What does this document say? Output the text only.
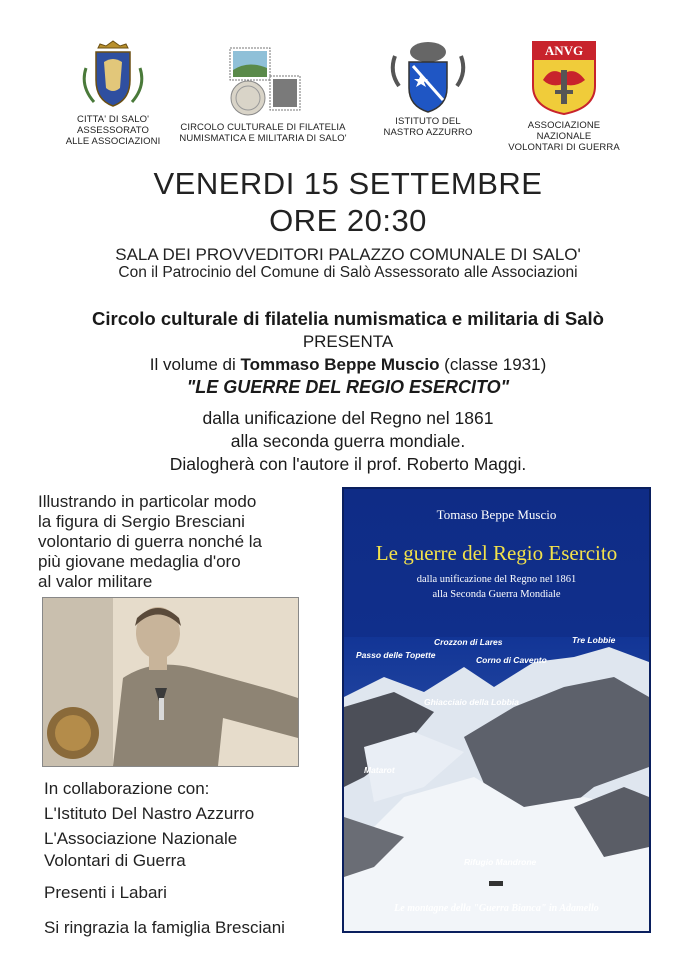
CITTA' DI SALO'
ASSESSORATO
ALLE ASSOCIAZIONI
CIRCOLO CULTURALE DI FILATELIA
NUMISMATICA E MILITARIA DI SALO'
ISTITUTO DEL
NASTRO AZZURRO
ANVG
ASSOCIAZIONE NAZIONALE
VOLONTARI DI GUERRA
VENERDI 15 SETTEMBRE
ORE 20:30
SALA DEI PROVVEDITORI PALAZZO COMUNALE DI SALO'
Con il Patrocinio del Comune di Salò Assessorato alle Associazioni
Circolo culturale di filatelia numismatica e militaria di Salò
PRESENTA
Il volume di Tommaso Beppe Muscio (classe 1931)
"LE GUERRE DEL REGIO ESERCITO"
dalla unificazione del Regno nel 1861
alla seconda guerra mondiale.
Dialogherà con l'autore il prof. Roberto Maggi.
Illustrando in particolar modo
la figura di Sergio Bresciani
volontario di guerra nonché la
più giovane medaglia d'oro
al valor militare
In collaborazione con:
L'Istituto Del Nastro Azzurro
L'Associazione Nazionale
Volontari di Guerra
Presenti i Labari
Si ringrazia la famiglia Bresciani
Tomaso Beppe Muscio
Le guerre del Regio Esercito
dalla unificazione del Regno nel 1861
alla Seconda Guerra Mondiale
Crozzon di Lares	Tre Lobbie
Passo delle Topette	Corno di Cavento
Ghiacciaio della Lobbia
Matarot
Rifugio Mandrone
Le montagne della "Guerra Bianca" in Adamello
